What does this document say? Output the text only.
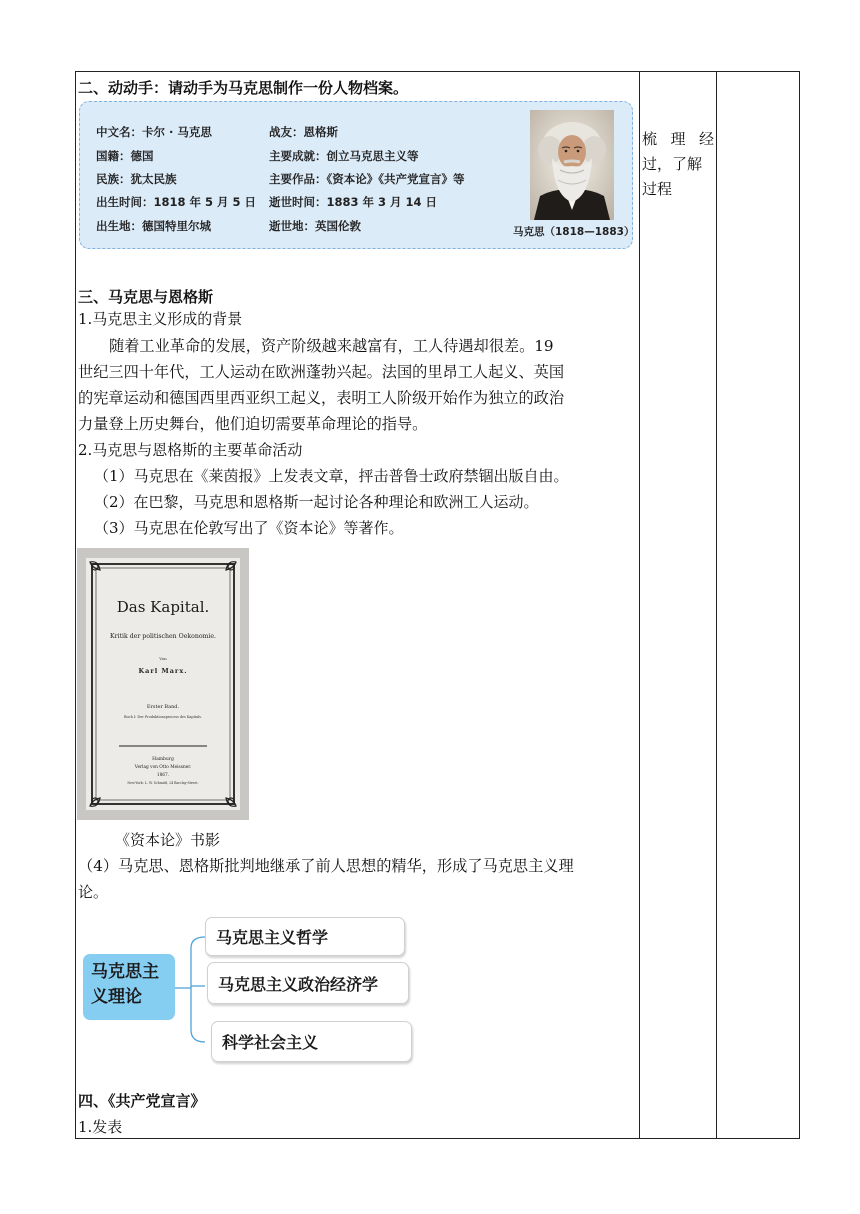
梳 理 经
过，了解
过程
二、动动手：请动手为马克思制作一份人物档案。
中文名：卡尔 · 马克思
国籍：德国
民族：犹太民族
出生时间：1818 年 5 月 5 日
出生地：德国特里尔城
战友：恩格斯
主要成就：创立马克思主义等
主要作品：《资本论》《共产党宣言》等
逝世时间：1883 年 3 月 14 日
逝世地：英国伦敦	马克思（1818—1883）
三、马克思与恩格斯
1.马克思主义形成的背景
随着工业革命的发展，资产阶级越来越富有，工人待遇却很差。19
世纪三四十年代，工人运动在欧洲蓬勃兴起。法国的里昂工人起义、英国
的宪章运动和德国西里西亚织工起义，表明工人阶级开始作为独立的政治
力量登上历史舞台，他们迫切需要革命理论的指导。
2.马克思与恩格斯的主要革命活动
（1）马克思在《莱茵报》上发表文章，抨击普鲁士政府禁锢出版自由。
（2）在巴黎，马克思和恩格斯一起讨论各种理论和欧洲工人运动。
（3）马克思在伦敦写出了《资本论》等著作。
Das Kapital.
Kritik der politischen Oekonomie.
Von
Karl Marx.
Erster Band.
Buch I: Der Produktionsprocess des Kapitals.
Hamburg
Verlag von Otto Meissner.
1867.
New-York: L. W. Schmidt, 24 Barclay-Street.
《资本论》书影
（4）马克思、恩格斯批判地继承了前人思想的精华，形成了马克思主义理
论。
马克思主
义理论
马克思主义哲学
马克思主义政治经济学
科学社会主义
四、《共产党宣言》
1.发表
